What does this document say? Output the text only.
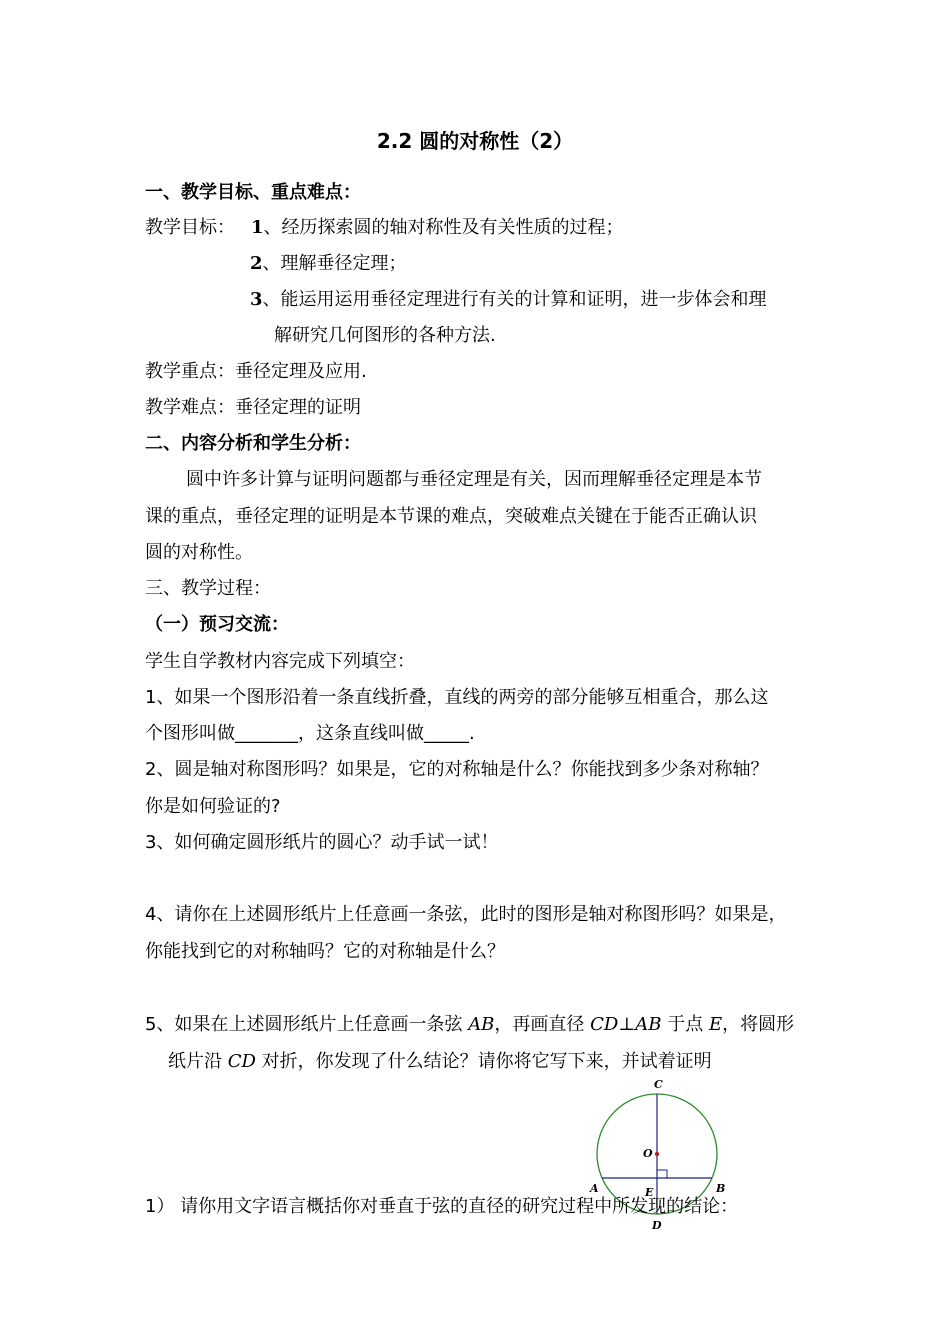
2.2 圆的对称性（2）
一、教学目标、重点难点：
教学目标： 1、经历探索圆的轴对称性及有关性质的过程；
2、理解垂径定理；
3、能运用运用垂径定理进行有关的计算和证明，进一步体会和理
解研究几何图形的各种方法.
教学重点：垂径定理及应用.
教学难点：垂径定理的证明
二、内容分析和学生分析：
圆中许多计算与证明问题都与垂径定理是有关，因而理解垂径定理是本节
课的重点，垂径定理的证明是本节课的难点，突破难点关键在于能否正确认识
圆的对称性。
三、教学过程：
（一）预习交流：
学生自学教材内容完成下列填空：
1、如果一个图形沿着一条直线折叠，直线的两旁的部分能够互相重合，那么这
个图形叫做_______，这条直线叫做_____.
2、圆是轴对称图形吗？如果是，它的对称轴是什么？你能找到多少条对称轴？
你是如何验证的?
3、如何确定圆形纸片的圆心？动手试一试！
4、请你在上述圆形纸片上任意画一条弦，此时的图形是轴对称图形吗？如果是，
你能找到它的对称轴吗？它的对称轴是什么？
5、如果在上述圆形纸片上任意画一条弦 AB，再画直径 CD⊥AB 于点 E，将圆形
纸片沿 CD 对折，你发现了什么结论？请你将它写下来，并试着证明
C
O
A	B
E
D
1） 请你用文字语言概括你对垂直于弦的直径的研究过程中所发现的结论：
